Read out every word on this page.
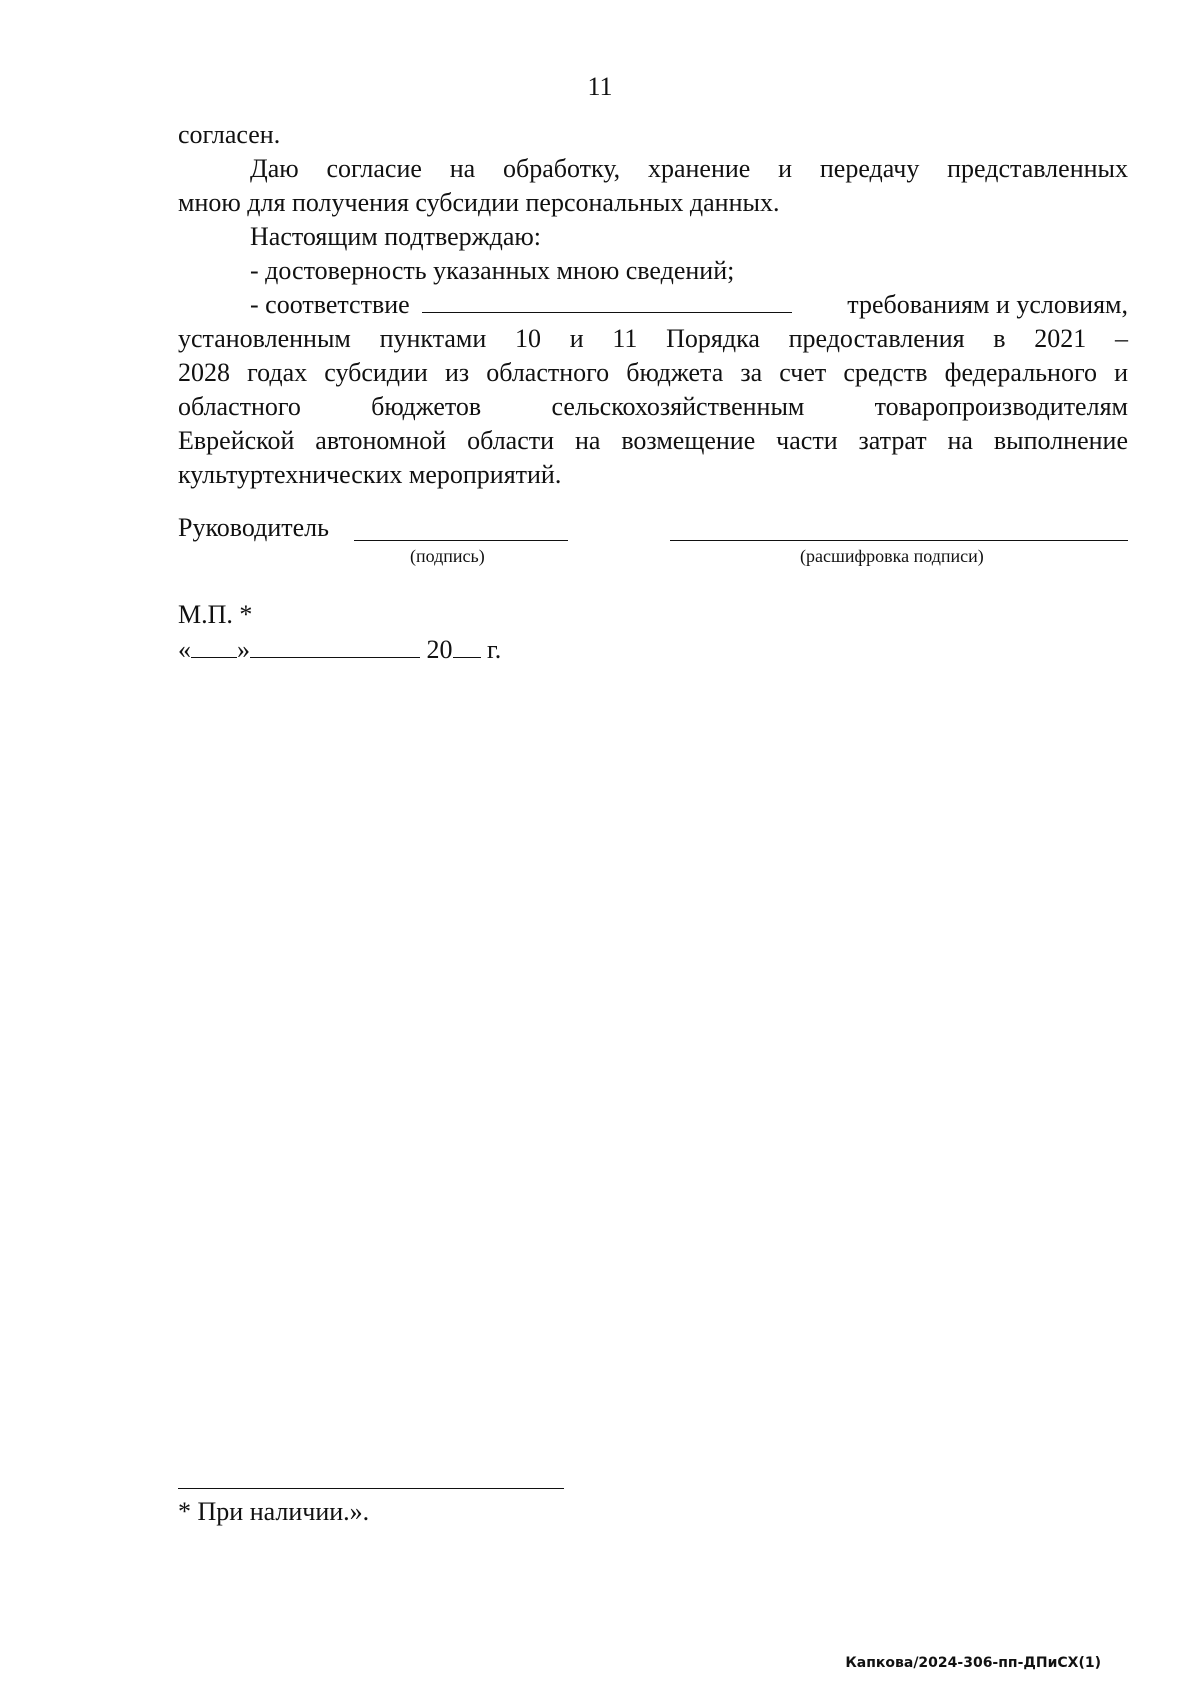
11

согласен.

Даю согласие на обработку, хранение и передачу представленных

мною для получения субсидии персональных данных.

Настоящим подтверждаю:

- достоверность указанных мною сведений;

- соответствие	требованиям и условиям,

установленным пунктами 10 и 11 Порядка предоставления в 2021 –

2028 годах субсидии из областного бюджета за счет средств федерального и

областного бюджетов сельскохозяйственным товаропроизводителям

Еврейской автономной области на возмещение части затрат на выполнение

культуртехнических мероприятий.

Руководитель
(подпись)	(расшифровка подписи)
М.П. *
« »	20 г.
* При наличии.».
Капкова/2024-306-пп-ДПиСХ(1)
